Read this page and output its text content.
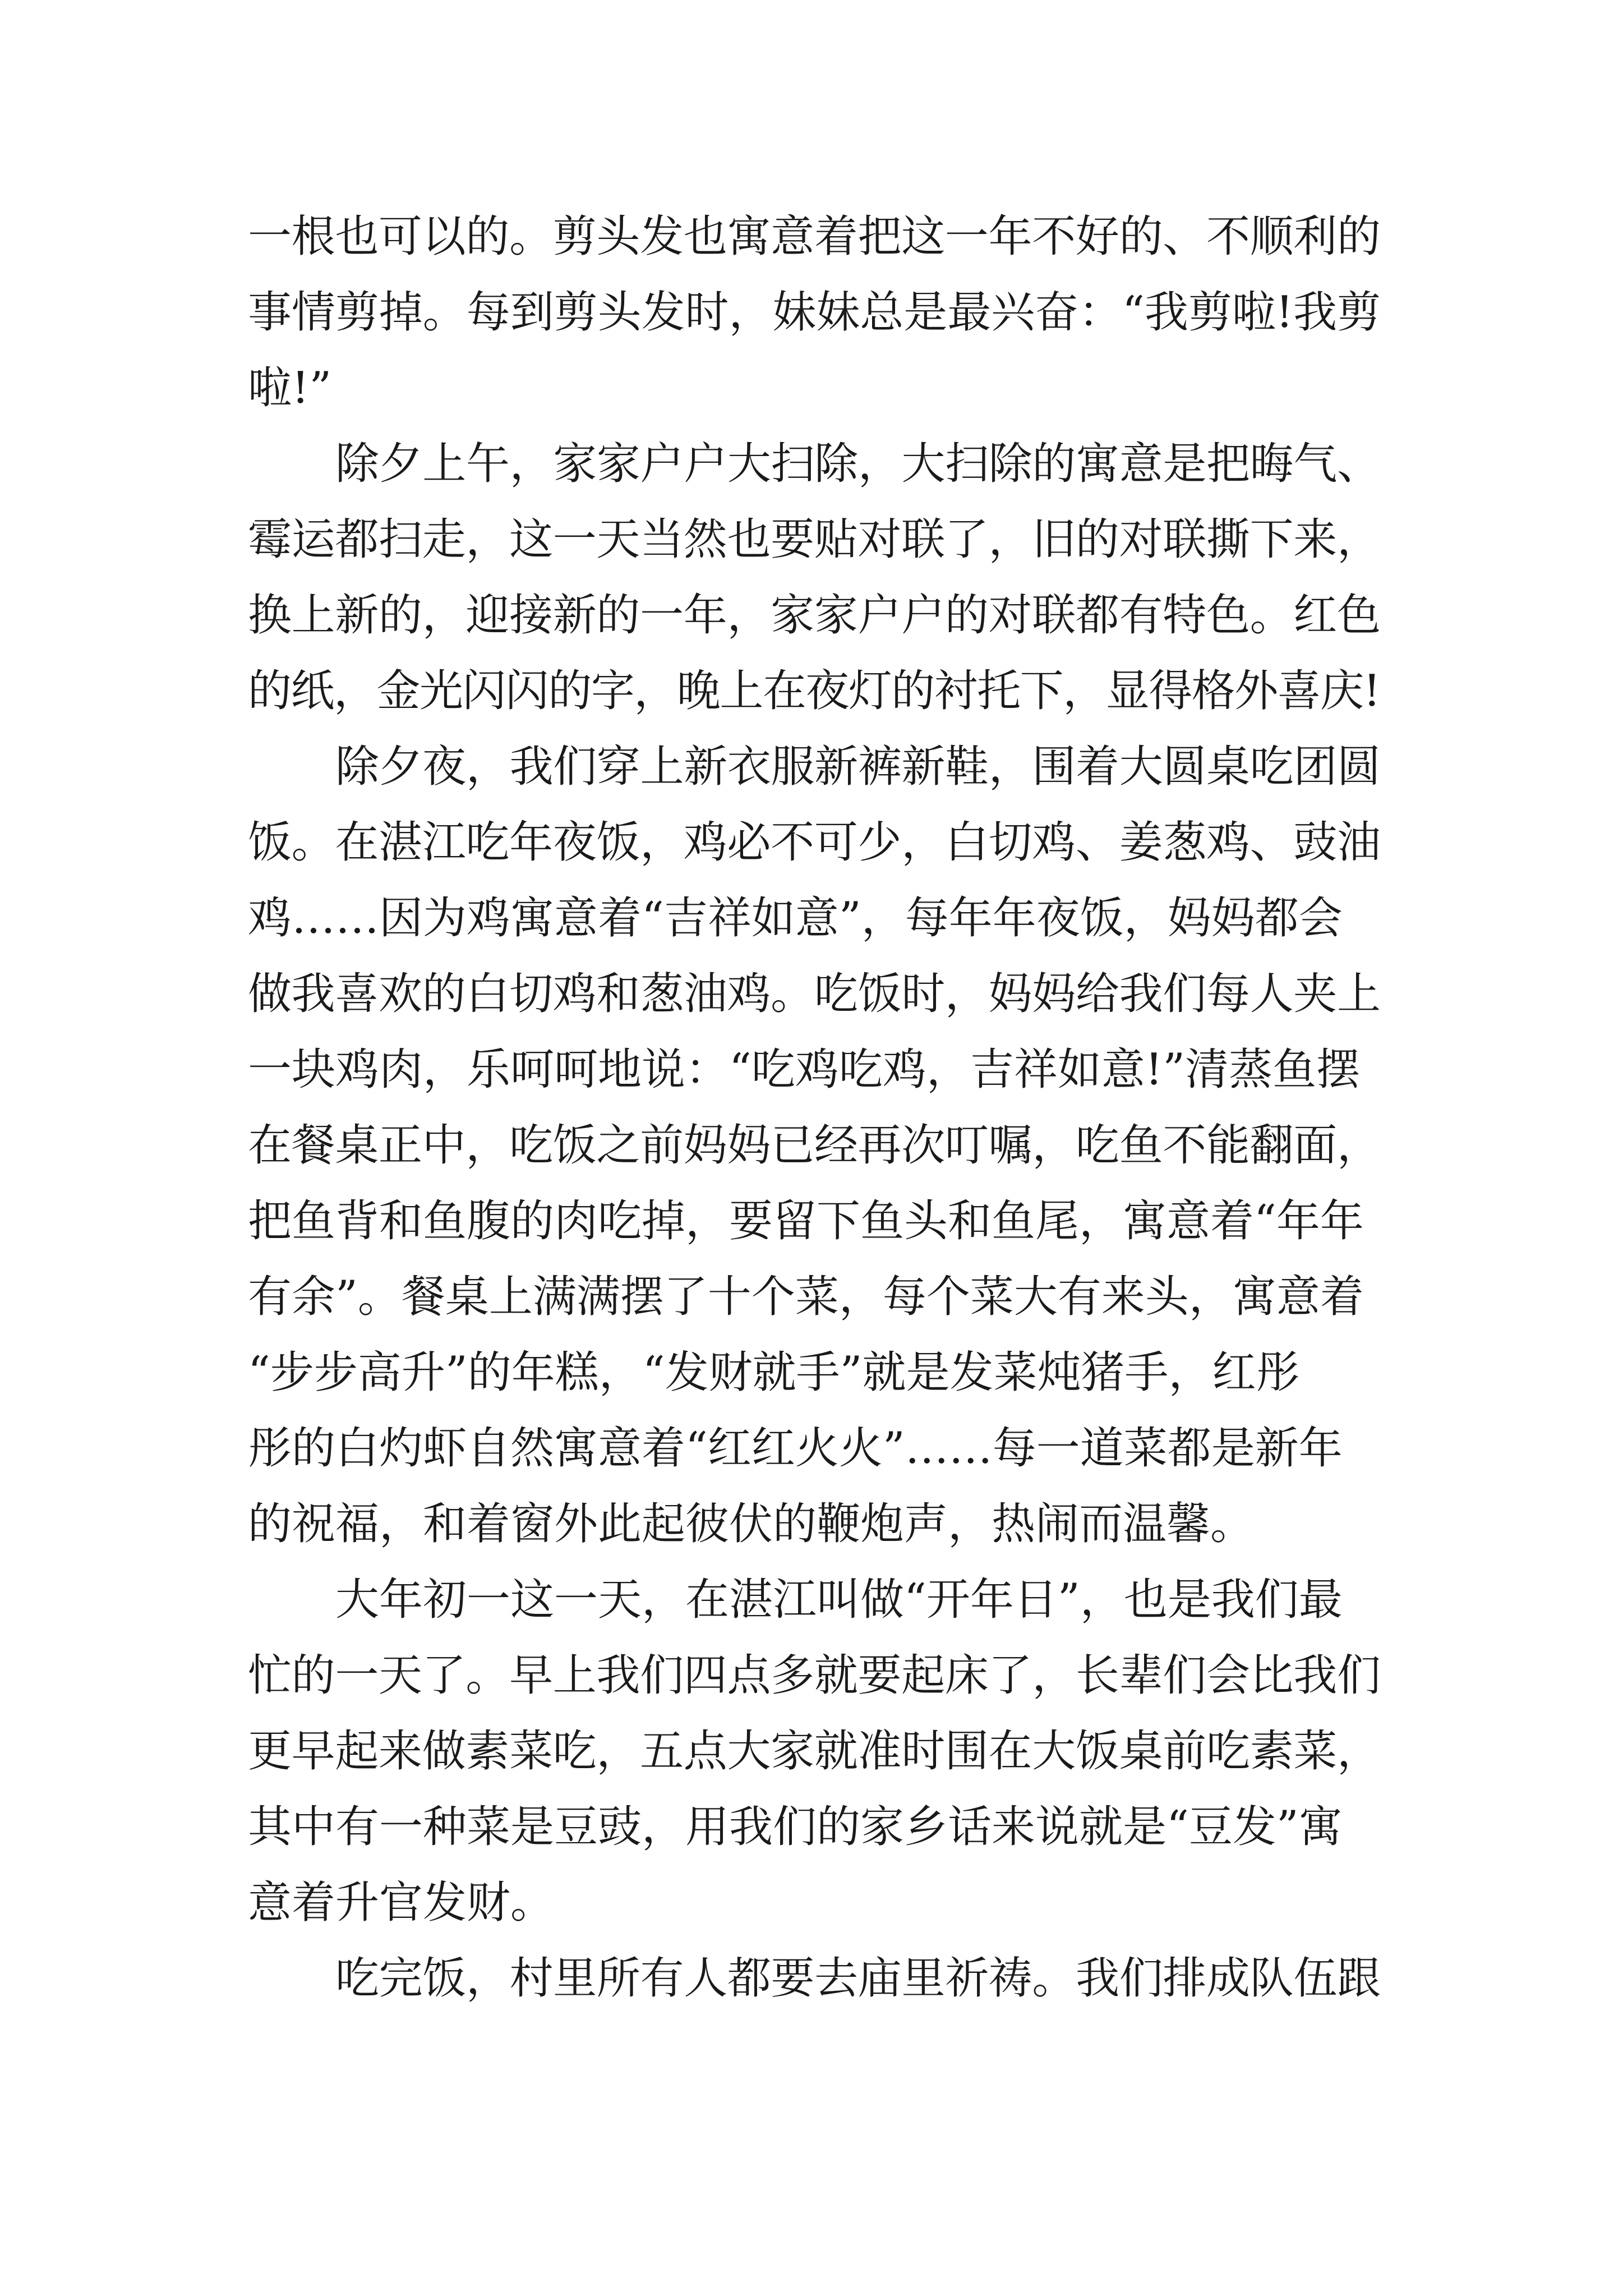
一根也可以的。剪头发也寓意着把这一年不好的、不顺利的
事情剪掉。每到剪头发时，妹妹总是最兴奋：“我剪啦!我剪
啦!”
除夕上午，家家户户大扫除，大扫除的寓意是把晦气、
霉运都扫走，这一天当然也要贴对联了，旧的对联撕下来，
换上新的，迎接新的一年，家家户户的对联都有特色。红色
的纸，金光闪闪的字，晚上在夜灯的衬托下，显得格外喜庆!
除夕夜，我们穿上新衣服新裤新鞋，围着大圆桌吃团圆
饭。在湛江吃年夜饭，鸡必不可少，白切鸡、姜葱鸡、豉油
鸡……因为鸡寓意着“吉祥如意”，每年年夜饭，妈妈都会
做我喜欢的白切鸡和葱油鸡。吃饭时，妈妈给我们每人夹上
一块鸡肉，乐呵呵地说：“吃鸡吃鸡，吉祥如意!”清蒸鱼摆
在餐桌正中，吃饭之前妈妈已经再次叮嘱，吃鱼不能翻面，
把鱼背和鱼腹的肉吃掉，要留下鱼头和鱼尾，寓意着“年年
有余”。餐桌上满满摆了十个菜，每个菜大有来头，寓意着
“步步高升”的年糕，“发财就手”就是发菜炖猪手，红彤
彤的白灼虾自然寓意着“红红火火”……每一道菜都是新年
的祝福，和着窗外此起彼伏的鞭炮声，热闹而温馨。
大年初一这一天，在湛江叫做“开年日”，也是我们最
忙的一天了。早上我们四点多就要起床了，长辈们会比我们
更早起来做素菜吃，五点大家就准时围在大饭桌前吃素菜，
其中有一种菜是豆豉，用我们的家乡话来说就是“豆发”寓
意着升官发财。
吃完饭，村里所有人都要去庙里祈祷。我们排成队伍跟
